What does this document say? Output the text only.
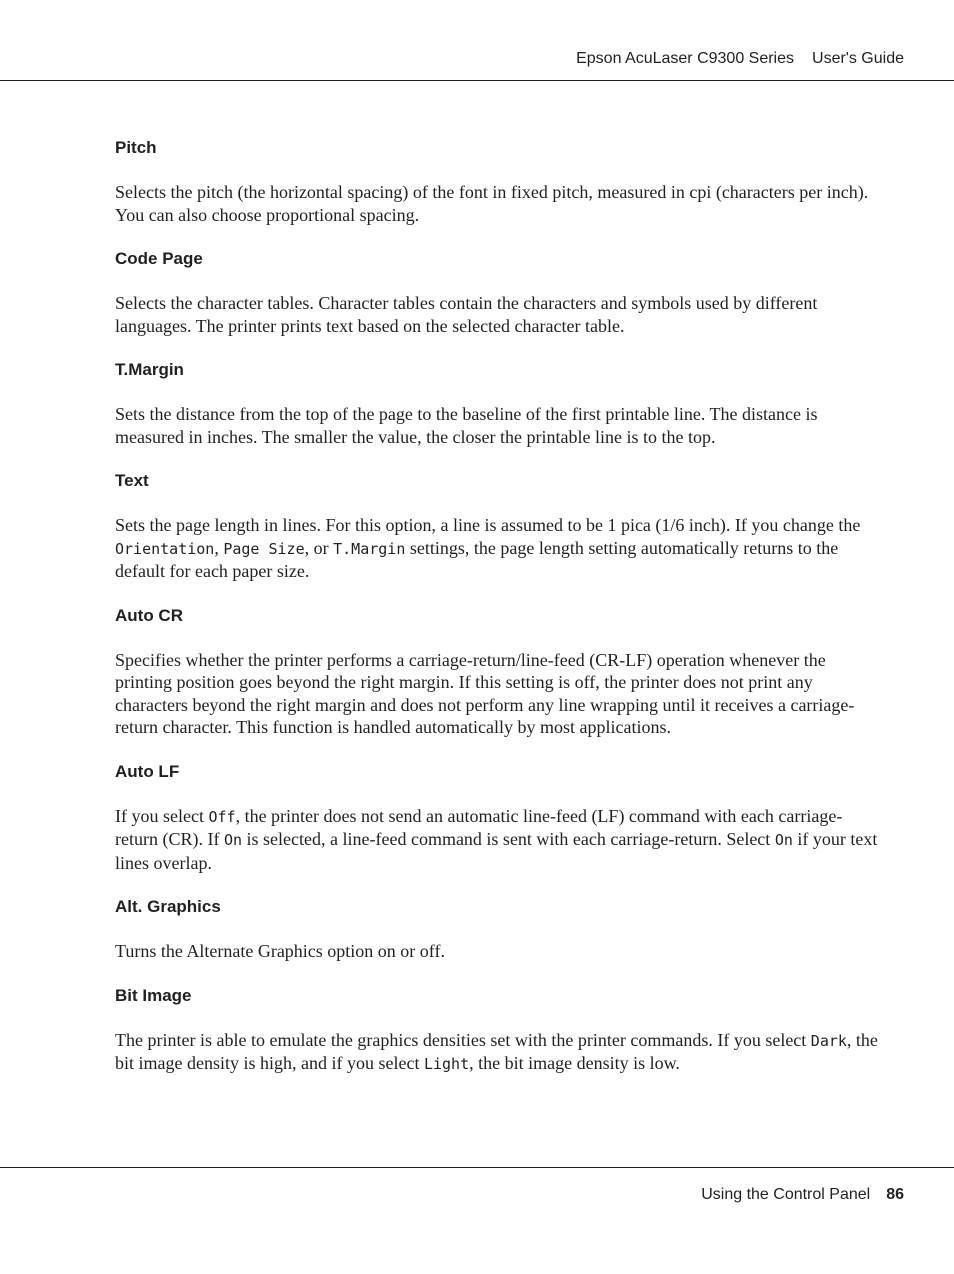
Epson AcuLaser C9300 Series User's Guide
Pitch

Selects the pitch (the horizontal spacing) of the font in fixed pitch, measured in cpi (characters per inch). You can also choose proportional spacing.

Code Page

Selects the character tables. Character tables contain the characters and symbols used by different languages. The printer prints text based on the selected character table.

T.Margin

Sets the distance from the top of the page to the baseline of the first printable line. The distance is measured in inches. The smaller the value, the closer the printable line is to the top.

Text

Sets the page length in lines. For this option, a line is assumed to be 1 pica (1/6 inch). If you change the Orientation, Page Size, or T.Margin settings, the page length setting automatically returns to the default for each paper size.

Auto CR

Specifies whether the printer performs a carriage-return/line-feed (CR-LF) operation whenever the printing position goes beyond the right margin. If this setting is off, the printer does not print any characters beyond the right margin and does not perform any line wrapping until it receives a carriage-return character. This function is handled automatically by most applications.

Auto LF

If you select Off, the printer does not send an automatic line-feed (LF) command with each carriage-return (CR). If On is selected, a line-feed command is sent with each carriage-return. Select On if your text lines overlap.

Alt. Graphics

Turns the Alternate Graphics option on or off.

Bit Image

The printer is able to emulate the graphics densities set with the printer commands. If you select Dark, the bit image density is high, and if you select Light, the bit image density is low.

Using the Control Panel 86
